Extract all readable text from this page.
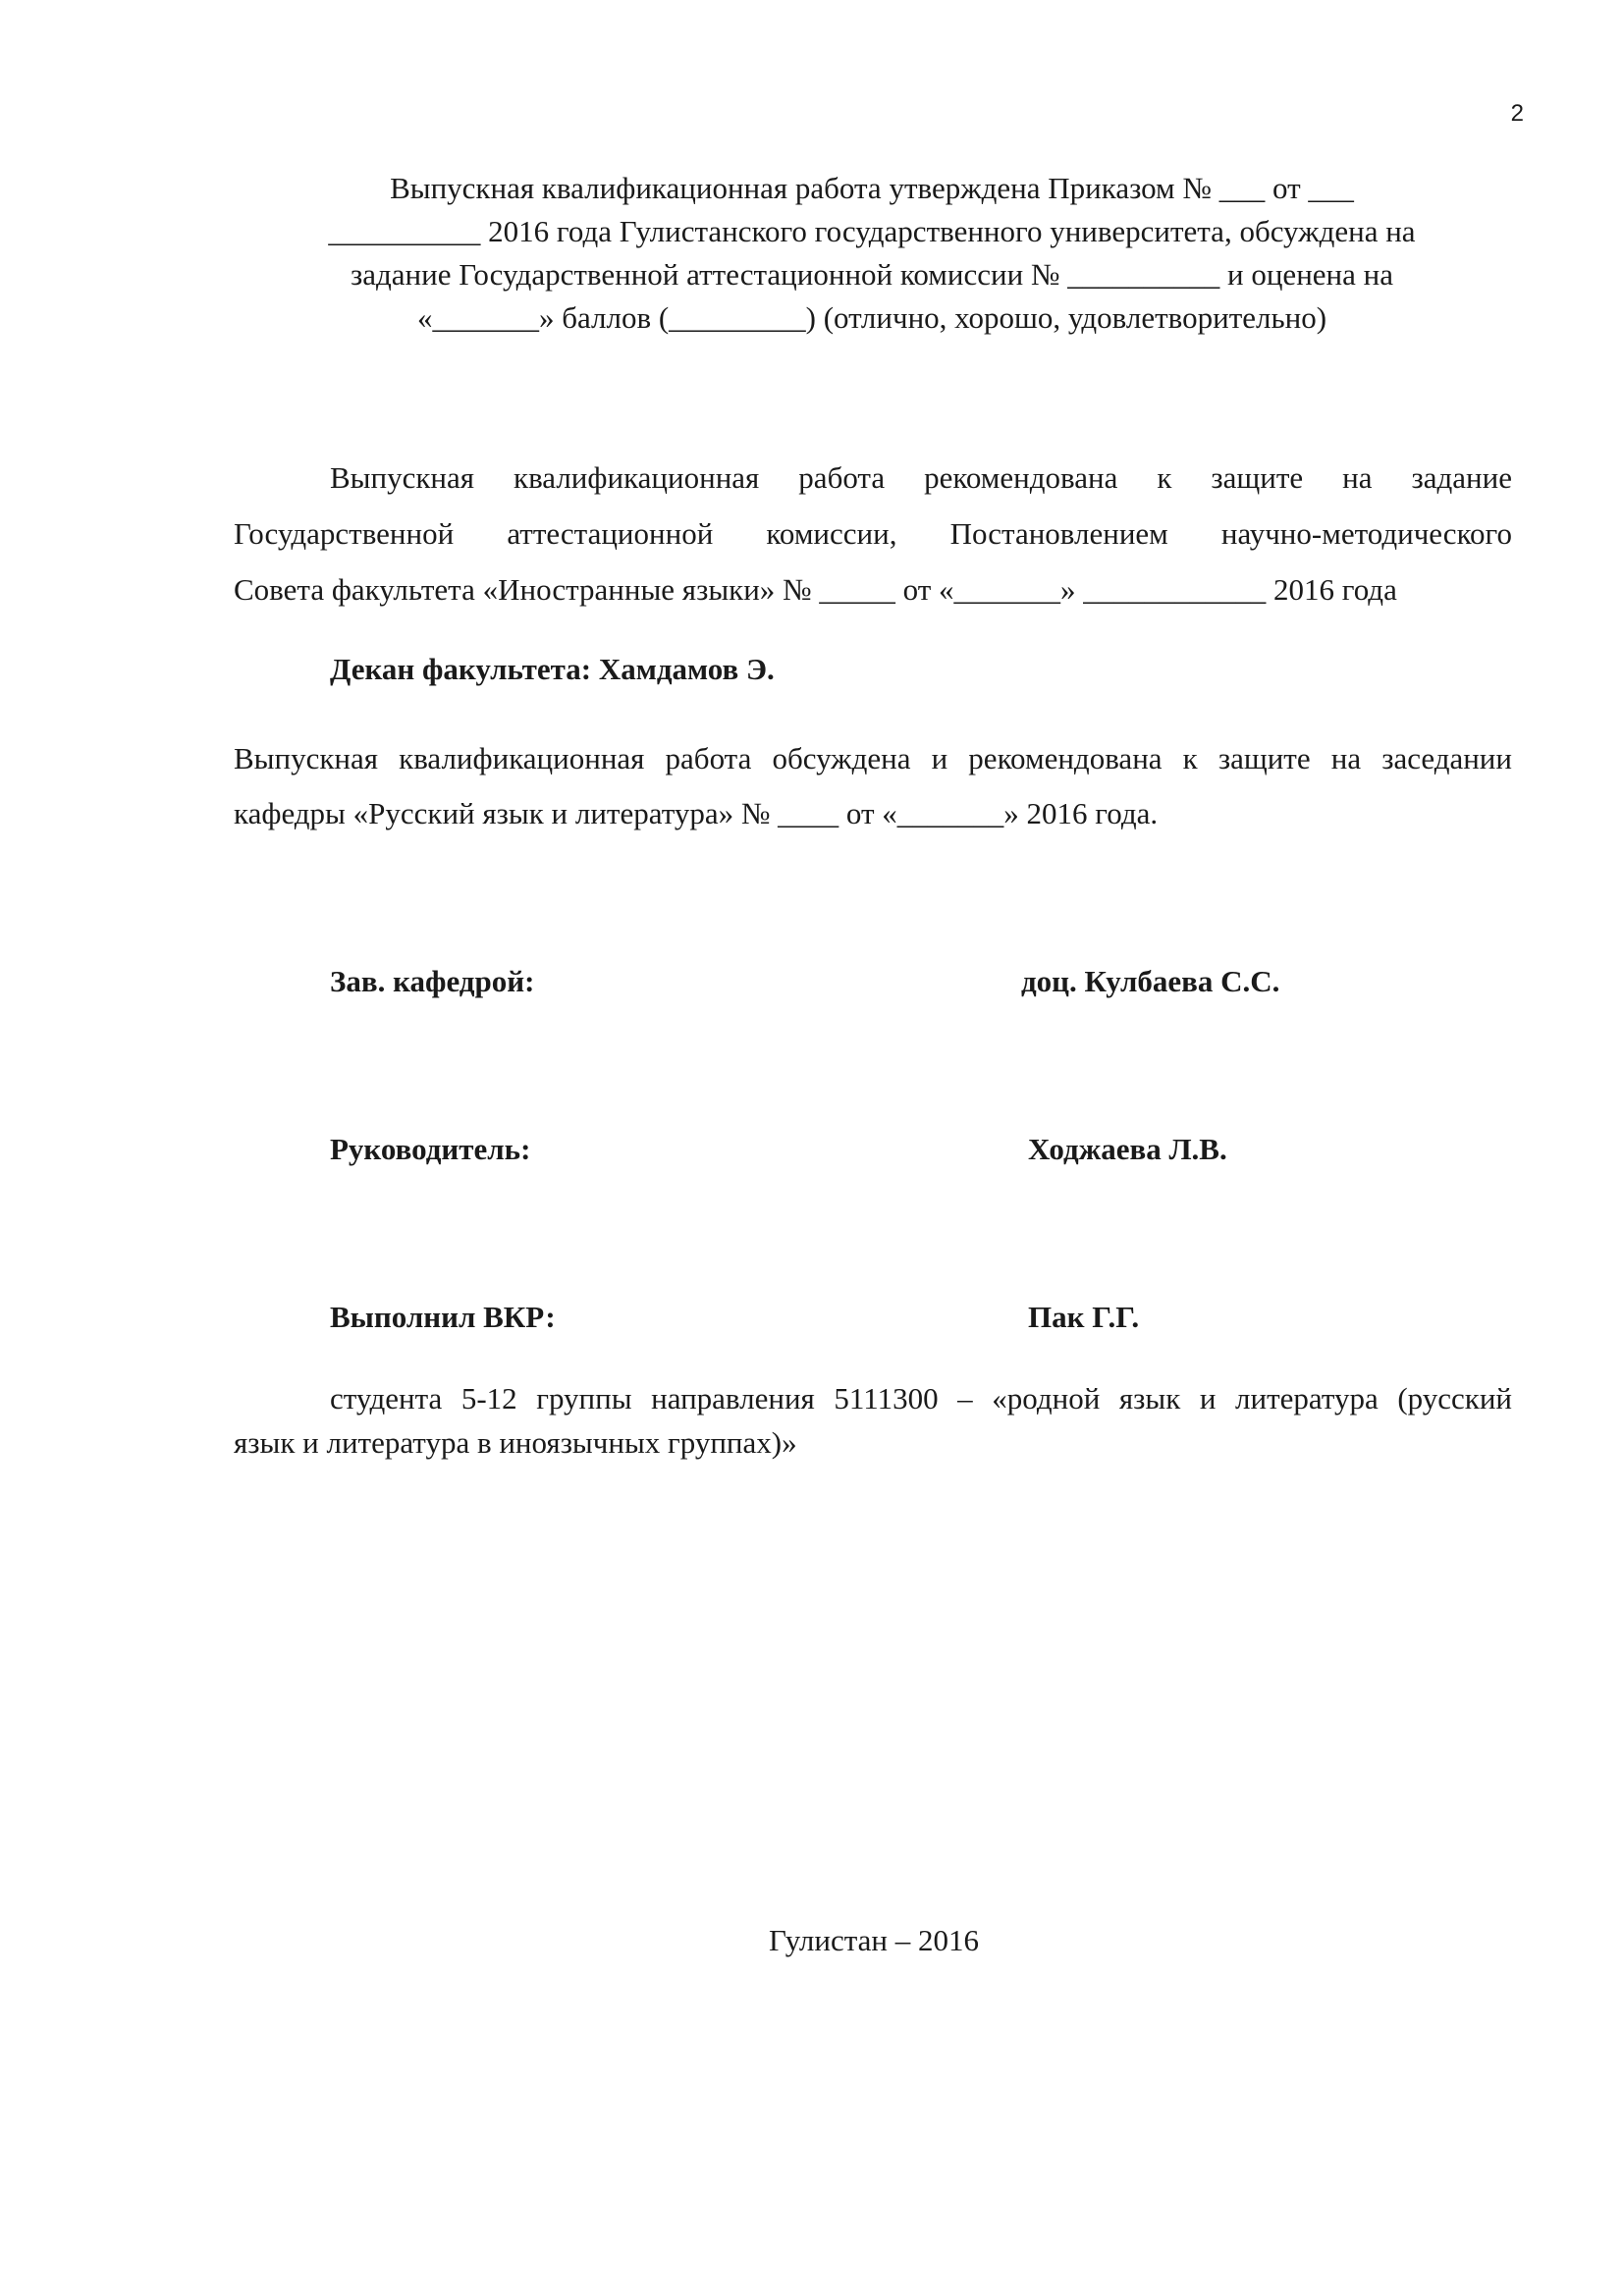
2
Выпускная квалификационная работа утверждена Приказом № ___ от ___
__________ 2016 года Гулистанского государственного университета, обсуждена на
задание Государственной аттестационной комиссии № __________ и оценена на
«_______» баллов (_________) (отлично, хорошо, удовлетворительно)
Выпускная квалификационная работа рекомендована к защите на задание
Государственной аттестационной комиссии, Постановлением научно-методического
Совета факультета «Иностранные языки» № _____ от «_______» ____________ 2016 года
Декан факультета: Хамдамов Э.
Выпускная квалификационная работа обсуждена и рекомендована к защите на заседании
кафедры «Русский язык и литература» № ____ от «_______» 2016 года.
Зав. кафедрой:	доц. Кулбаева С.С.
Руководитель:	Ходжаева Л.В.
Выполнил ВКР:	Пак Г.Г.
студента 5-12 группы направления 5111300 – «родной язык и литература (русский
язык и литература в иноязычных группах)»
Гулистан – 2016
